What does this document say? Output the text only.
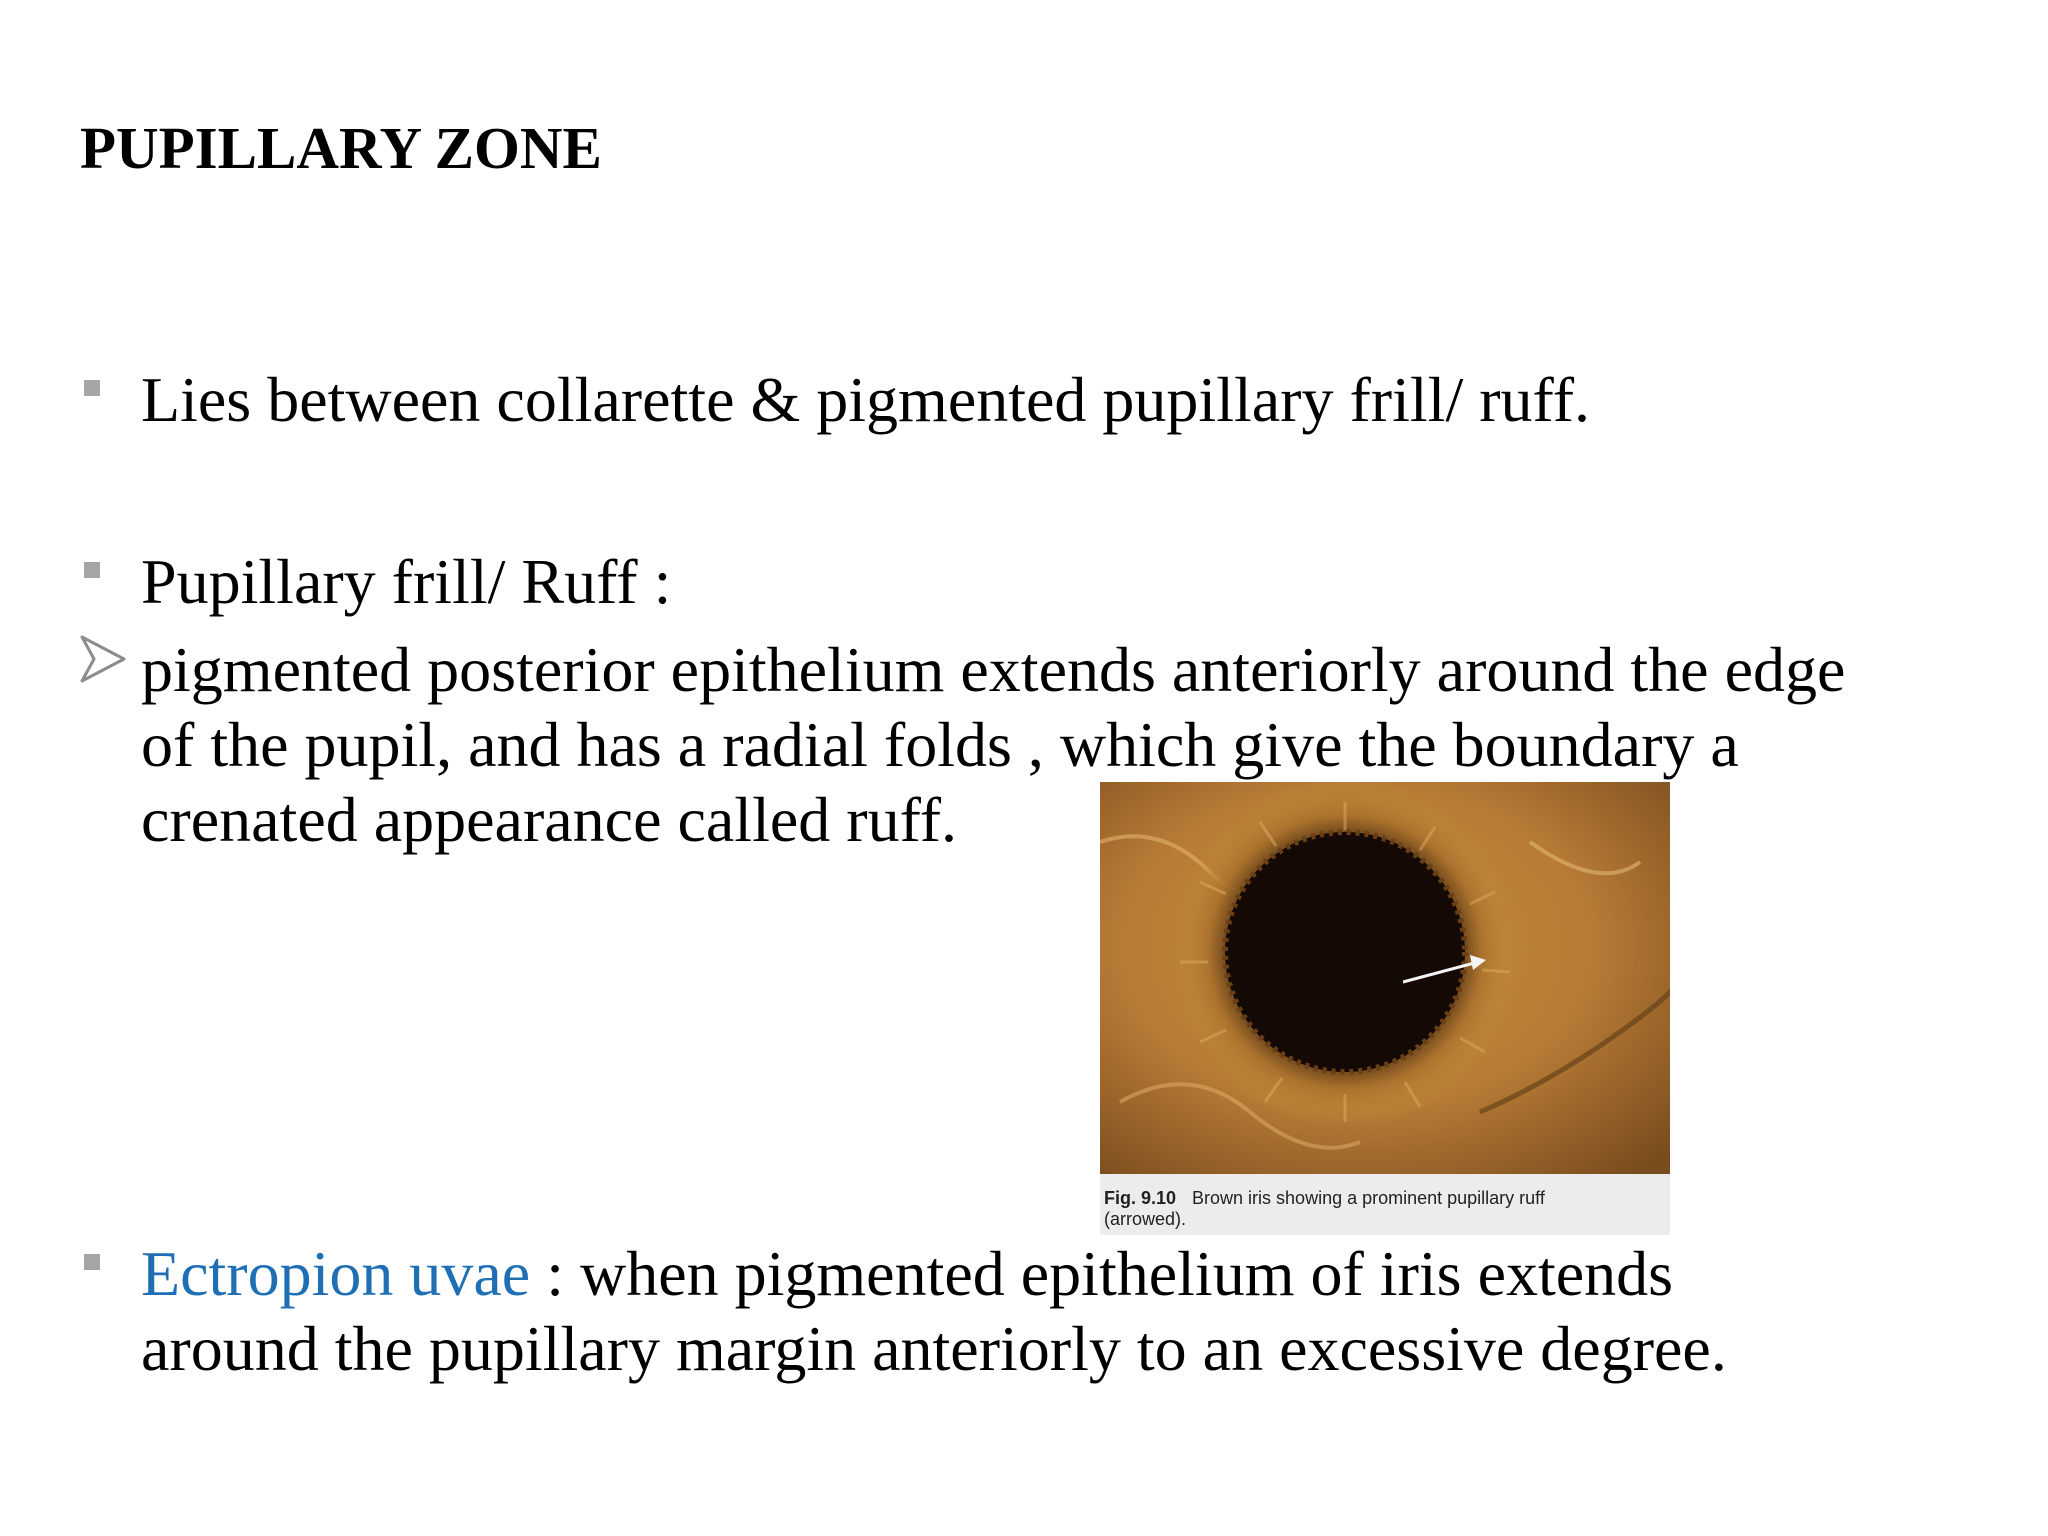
PUPILLARY ZONE

Lies between collarette & pigmented pupillary frill/ ruff.

Pupillary frill/ Ruff :

pigmented posterior epithelium extends anteriorly around the edge

of the pupil, and has a radial folds , which give the boundary a

crenated appearance called ruff.

Fig. 9.10 Brown iris showing a prominent pupillary ruff
(arrowed).

Ectropion uvae : when pigmented epithelium of iris extends

around the pupillary margin anteriorly to an excessive degree.
